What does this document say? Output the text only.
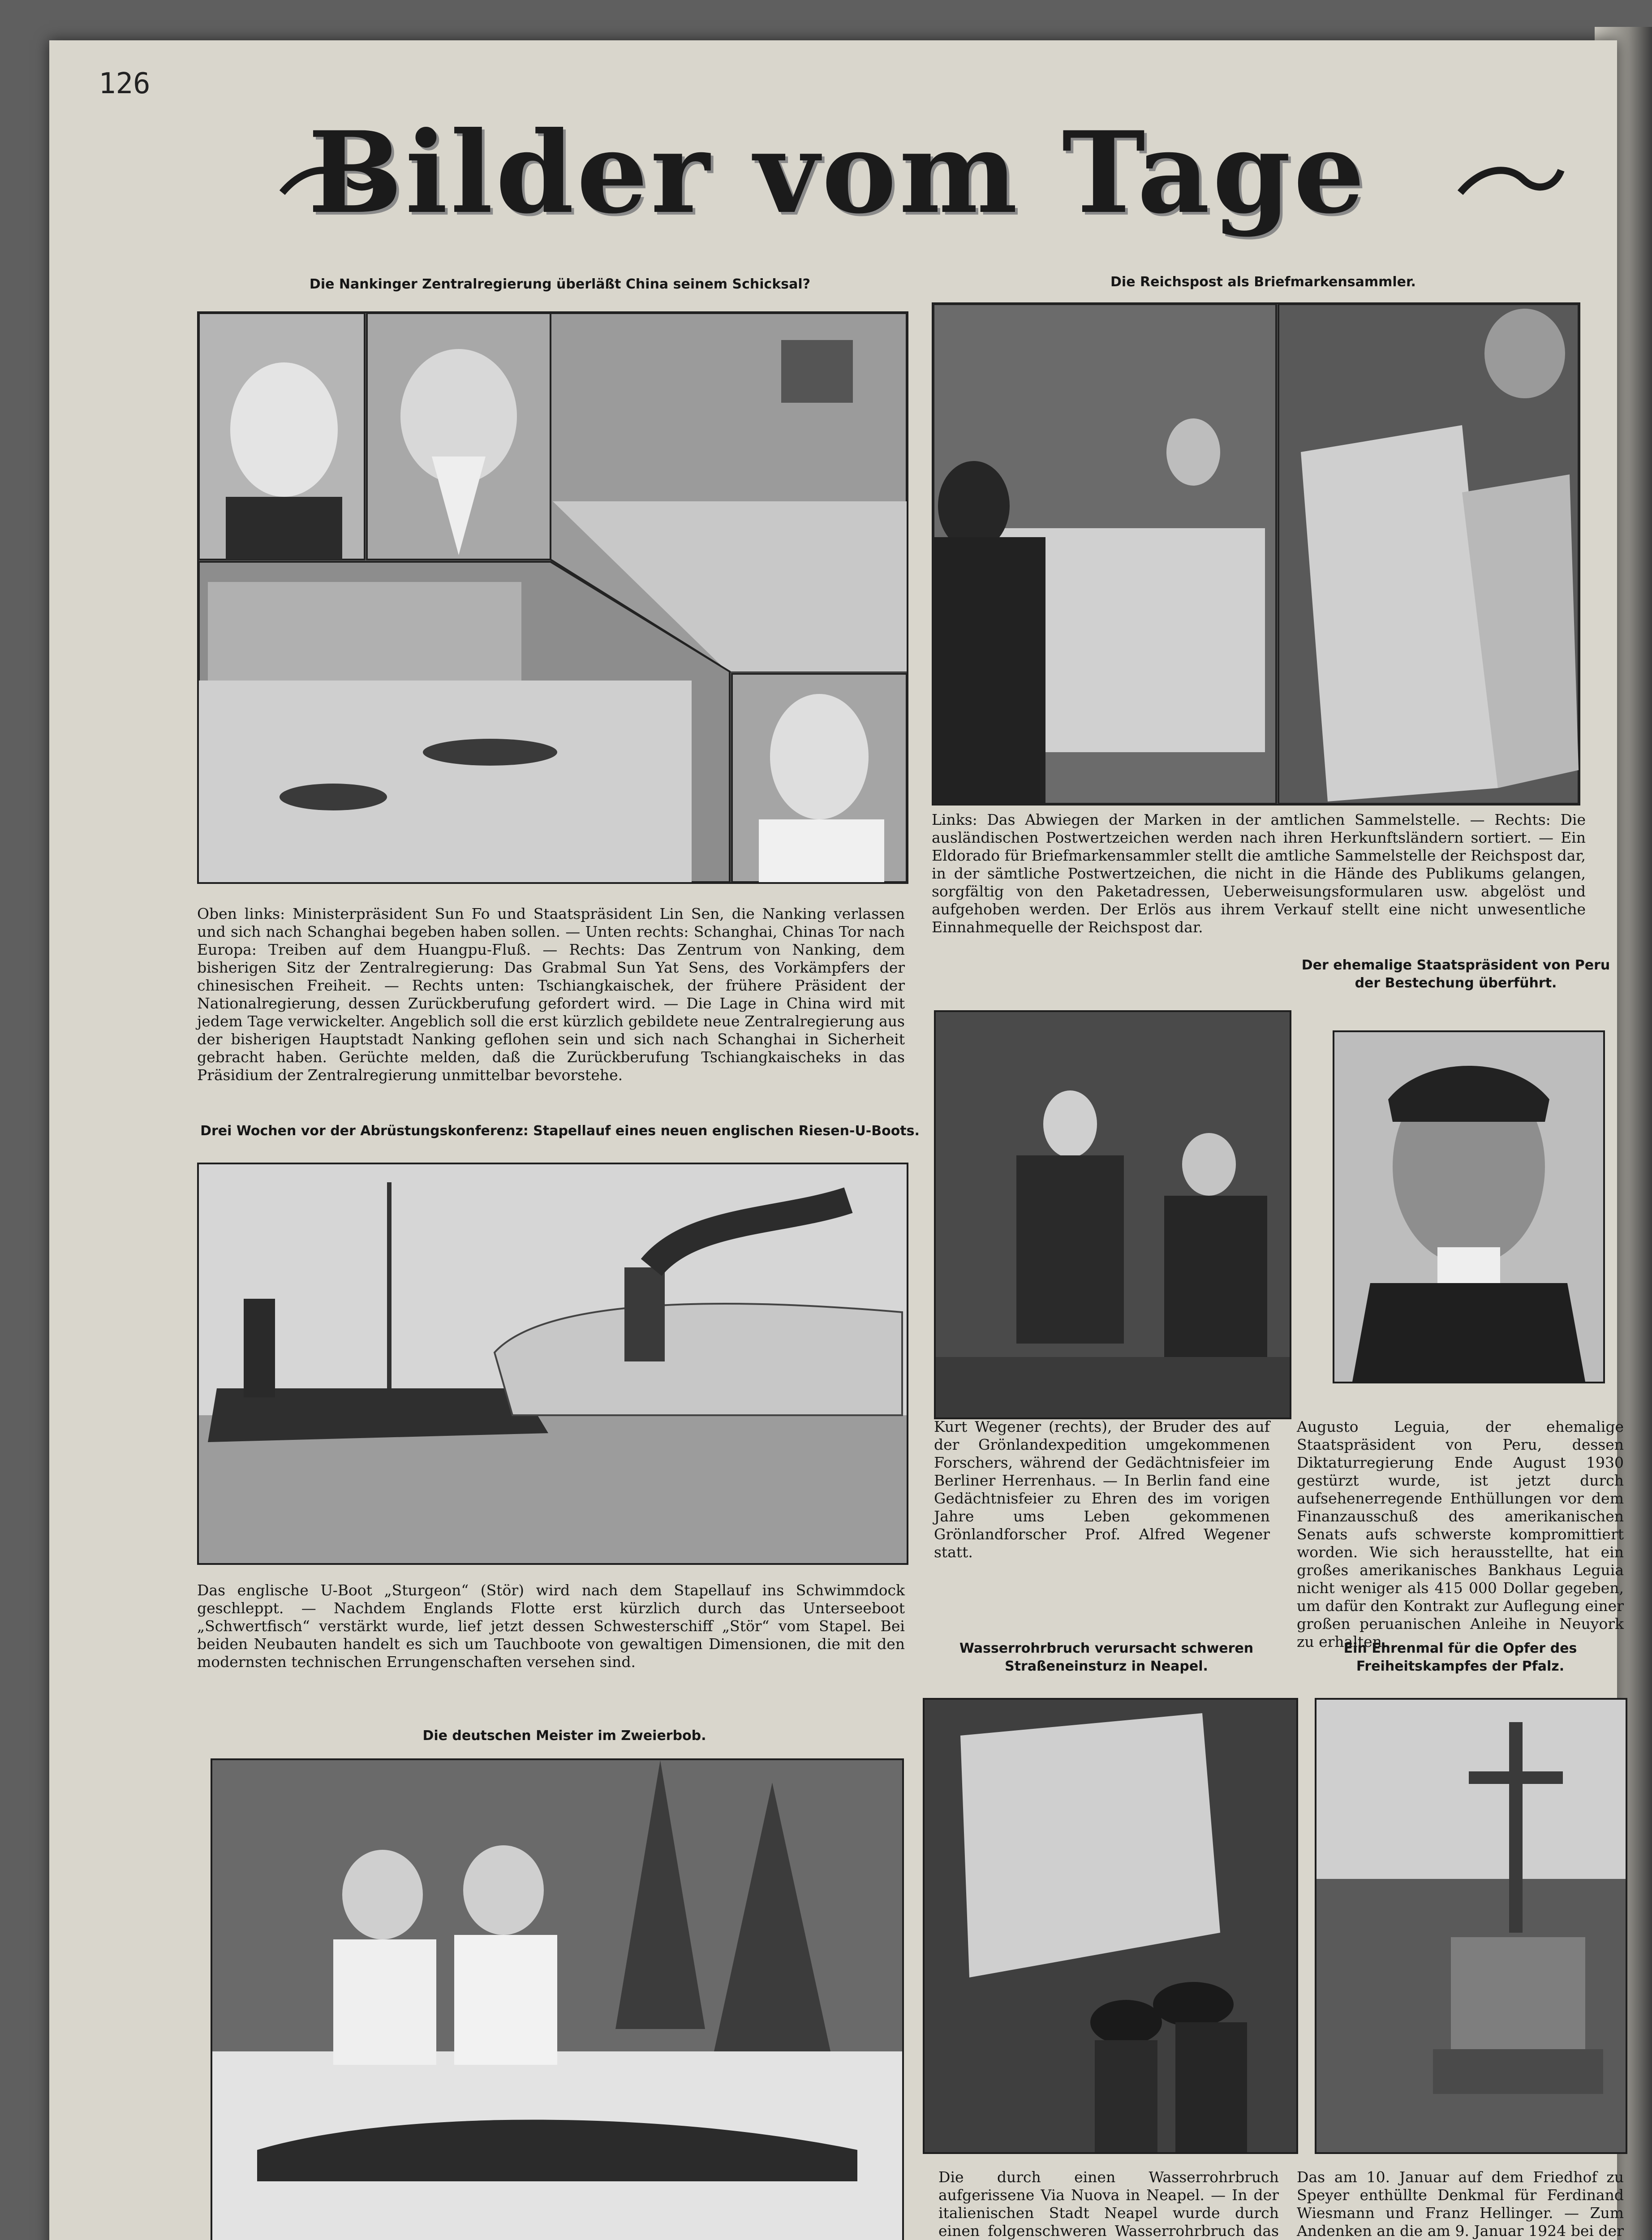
126
Bilder vom Tage
Die Nankinger Zentralregierung überläßt China seinem Schicksal?
Oben links: Ministerpräsident Sun Fo und Staatspräsident Lin Sen, die Nanking verlassen und sich nach Schanghai begeben haben sollen. — Unten rechts: Schanghai, Chinas Tor nach Europa: Treiben auf dem Huangpu-Fluß. — Rechts: Das Zentrum von Nanking, dem bisherigen Sitz der Zentralregierung: Das Grabmal Sun Yat Sens, des Vorkämpfers der chinesischen Freiheit. — Rechts unten: Tschiangkaischek, der frühere Präsident der Nationalregierung, dessen Zurückberufung gefordert wird. — Die Lage in China wird mit jedem Tage verwickelter. Angeblich soll die erst kürzlich gebildete neue Zentralregierung aus der bisherigen Hauptstadt Nanking geflohen sein und sich nach Schanghai in Sicherheit gebracht haben. Gerüchte melden, daß die Zurückberufung Tschiangkaischeks in das Präsidium der Zentralregierung unmittelbar bevorstehe.
Drei Wochen vor der Abrüstungskonferenz: Stapellauf eines neuen englischen Riesen-U-Boots.
Das englische U-Boot „Sturgeon“ (Stör) wird nach dem Stapellauf ins Schwimmdock geschleppt. — Nachdem Englands Flotte erst kürzlich durch das Unterseeboot „Schwertfisch“ verstärkt wurde, lief jetzt dessen Schwesterschiff „Stör“ vom Stapel. Bei beiden Neubauten handelt es sich um Tauchboote von gewaltigen Dimensionen, die mit den modernsten technischen Errungenschaften versehen sind.
Die deutschen Meister im Zweierbob.
Die Reichspost als Briefmarkensammler.
Links: Das Abwiegen der Marken in der amtlichen Sammelstelle. — Rechts: Die ausländischen Postwertzeichen werden nach ihren Herkunftsländern sortiert. — Ein Eldorado für Briefmarkensammler stellt die amtliche Sammelstelle der Reichspost dar, in der sämtliche Postwertzeichen, die nicht in die Hände des Publikums gelangen, sorgfältig von den Paketadressen, Ueberweisungsformularen usw. abgelöst und aufgehoben werden. Der Erlös aus ihrem Verkauf stellt eine nicht unwesentliche Einnahmequelle der Reichspost dar.
Kurt Wegener (rechts), der Bruder des auf der Grönlandexpedition umgekommenen Forschers, während der Gedächtnisfeier im Berliner Herrenhaus. — In Berlin fand eine Gedächtnisfeier zu Ehren des im vorigen Jahre ums Leben gekommenen Grönlandforscher Prof. Alfred Wegener statt.
Der ehemalige Staatspräsident von Peru der Bestechung überführt.
Augusto Leguia, der ehemalige Staatspräsident von Peru, dessen Diktaturregierung Ende August 1930 gestürzt wurde, ist jetzt durch aufsehenerregende Enthüllungen vor dem Finanzausschuß des amerikanischen Senats aufs schwerste kompromittiert worden. Wie sich herausstellte, hat ein großes amerikanisches Bankhaus Leguia nicht weniger als 415 000 Dollar gegeben, um dafür den Kontrakt zur Auflegung einer großen peruanischen Anleihe in Neuyork zu erhalten.
Wasserrohrbruch verursacht schweren Straßeneinsturz in Neapel.
Die durch einen Wasserrohrbruch aufgerissene Via Nuova in Neapel. — In der italienischen Stadt Neapel wurde durch einen folgenschweren Wasserrohrbruch das
Ein Ehrenmal für die Opfer des Freiheitskampfes der Pfalz.
Das am 10. Januar auf dem Friedhof zu Speyer enthüllte Denkmal für Ferdinand Wiesmann und Franz Hellinger. — Zum Andenken an die am 9. Januar 1924 bei der
